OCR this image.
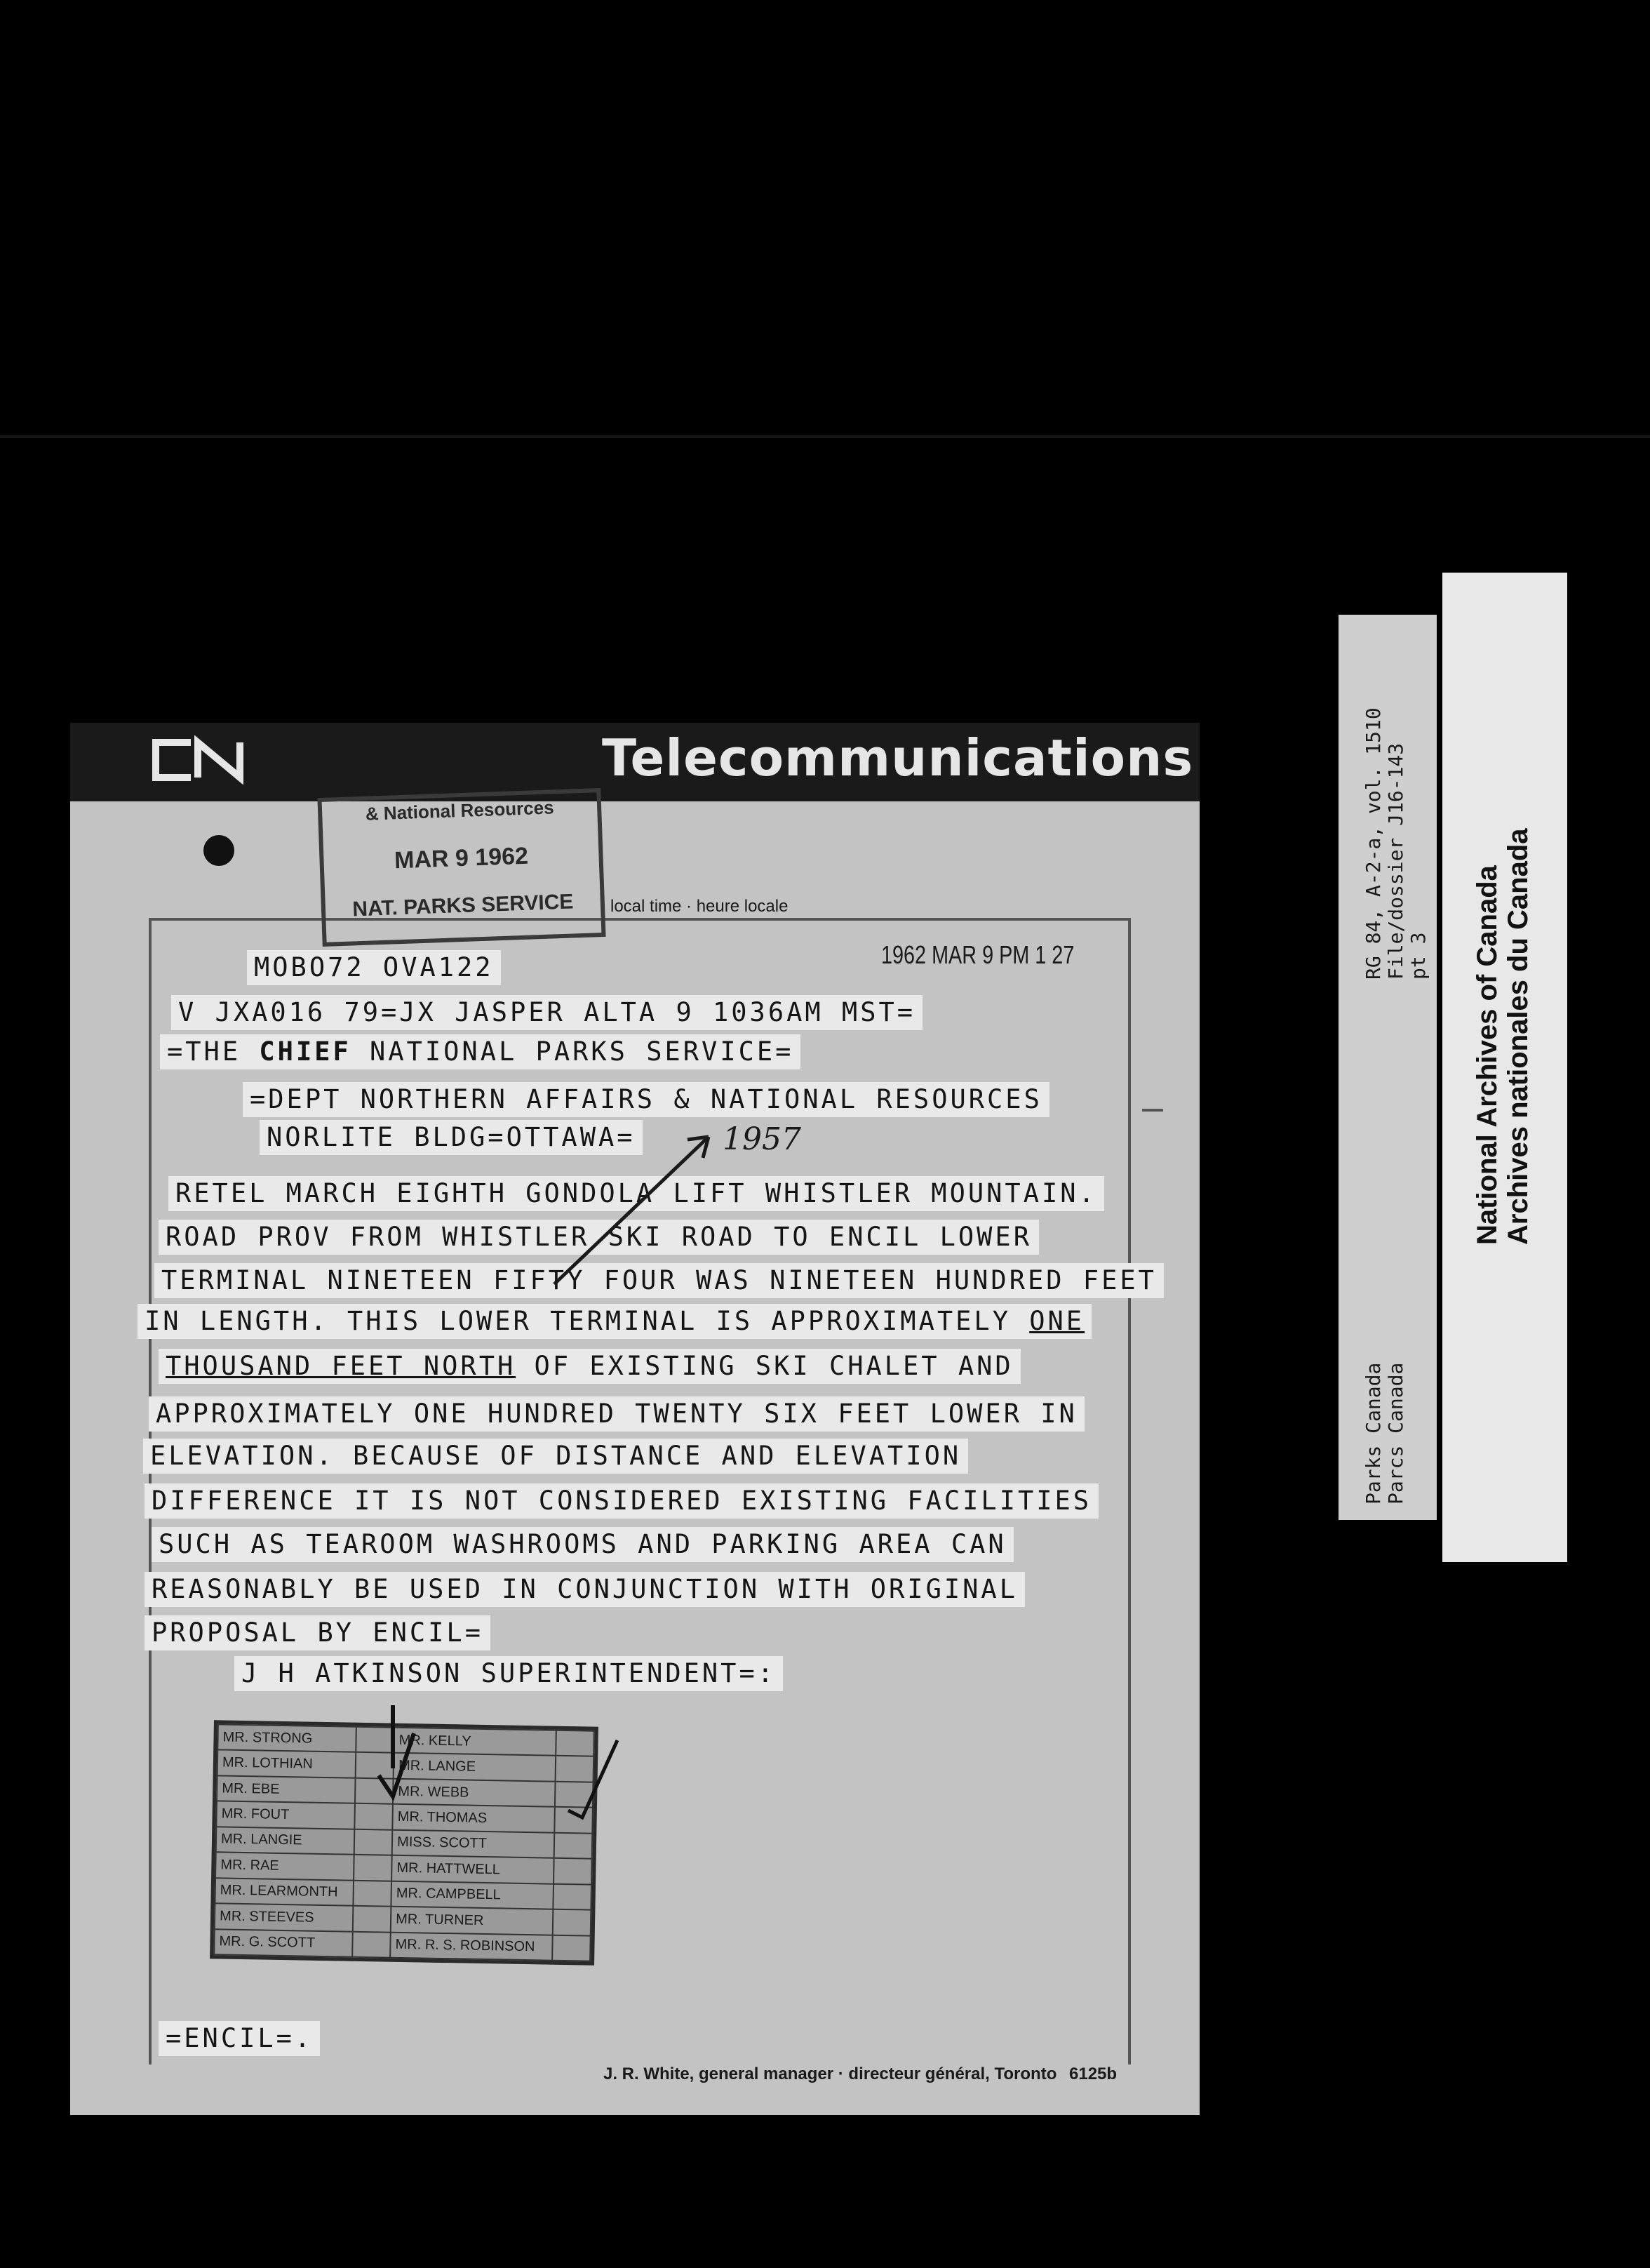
Telecommunications
& National Resources
MAR 9 1962
NAT. PARKS SERVICE	local time · heure locale
1962 MAR 9 PM 1 27
MOBO72 OVA122
V JXA016 79=JX JASPER ALTA 9 1036AM MST=
=THE CHIEF NATIONAL PARKS SERVICE=
=DEPT NORTHERN AFFAIRS & NATIONAL RESOURCES
NORLITE BLDG=OTTAWA=
RETEL MARCH EIGHTH GONDOLA LIFT WHISTLER MOUNTAIN.
ROAD PROV FROM WHISTLER SKI ROAD TO ENCIL LOWER
TERMINAL NINETEEN FIFTY FOUR WAS NINETEEN HUNDRED FEET
IN LENGTH. THIS LOWER TERMINAL IS APPROXIMATELY ONE
THOUSAND FEET NORTH OF EXISTING SKI CHALET AND
APPROXIMATELY ONE HUNDRED TWENTY SIX FEET LOWER IN
ELEVATION. BECAUSE OF DISTANCE AND ELEVATION
DIFFERENCE IT IS NOT CONSIDERED EXISTING FACILITIES
SUCH AS TEAROOM WASHROOMS AND PARKING AREA CAN
REASONABLY BE USED IN CONJUNCTION WITH ORIGINAL
PROPOSAL BY ENCIL=
J H ATKINSON SUPERINTENDENT=:
=ENCIL=.
1957
MR. STRONG		MR. KELLY	
MR. LOTHIAN		MR. LANGE	
MR. EBE		MR. WEBB	
MR. FOUT		MR. THOMAS	
MR. LANGIE		MISS. SCOTT	
MR. RAE		MR. HATTWELL	
MR. LEARMONTH		MR. CAMPBELL	
MR. STEEVES		MR. TURNER	
MR. G. SCOTT		MR. R. S. ROBINSON	
J. R. White, general manager · directeur général, Toronto 6125b
RG 84, A-2-a, vol. 1510 File/dossier J16-143 pt 3
Parks Canada Parcs Canada
National Archives of Canada Archives nationales du Canada
